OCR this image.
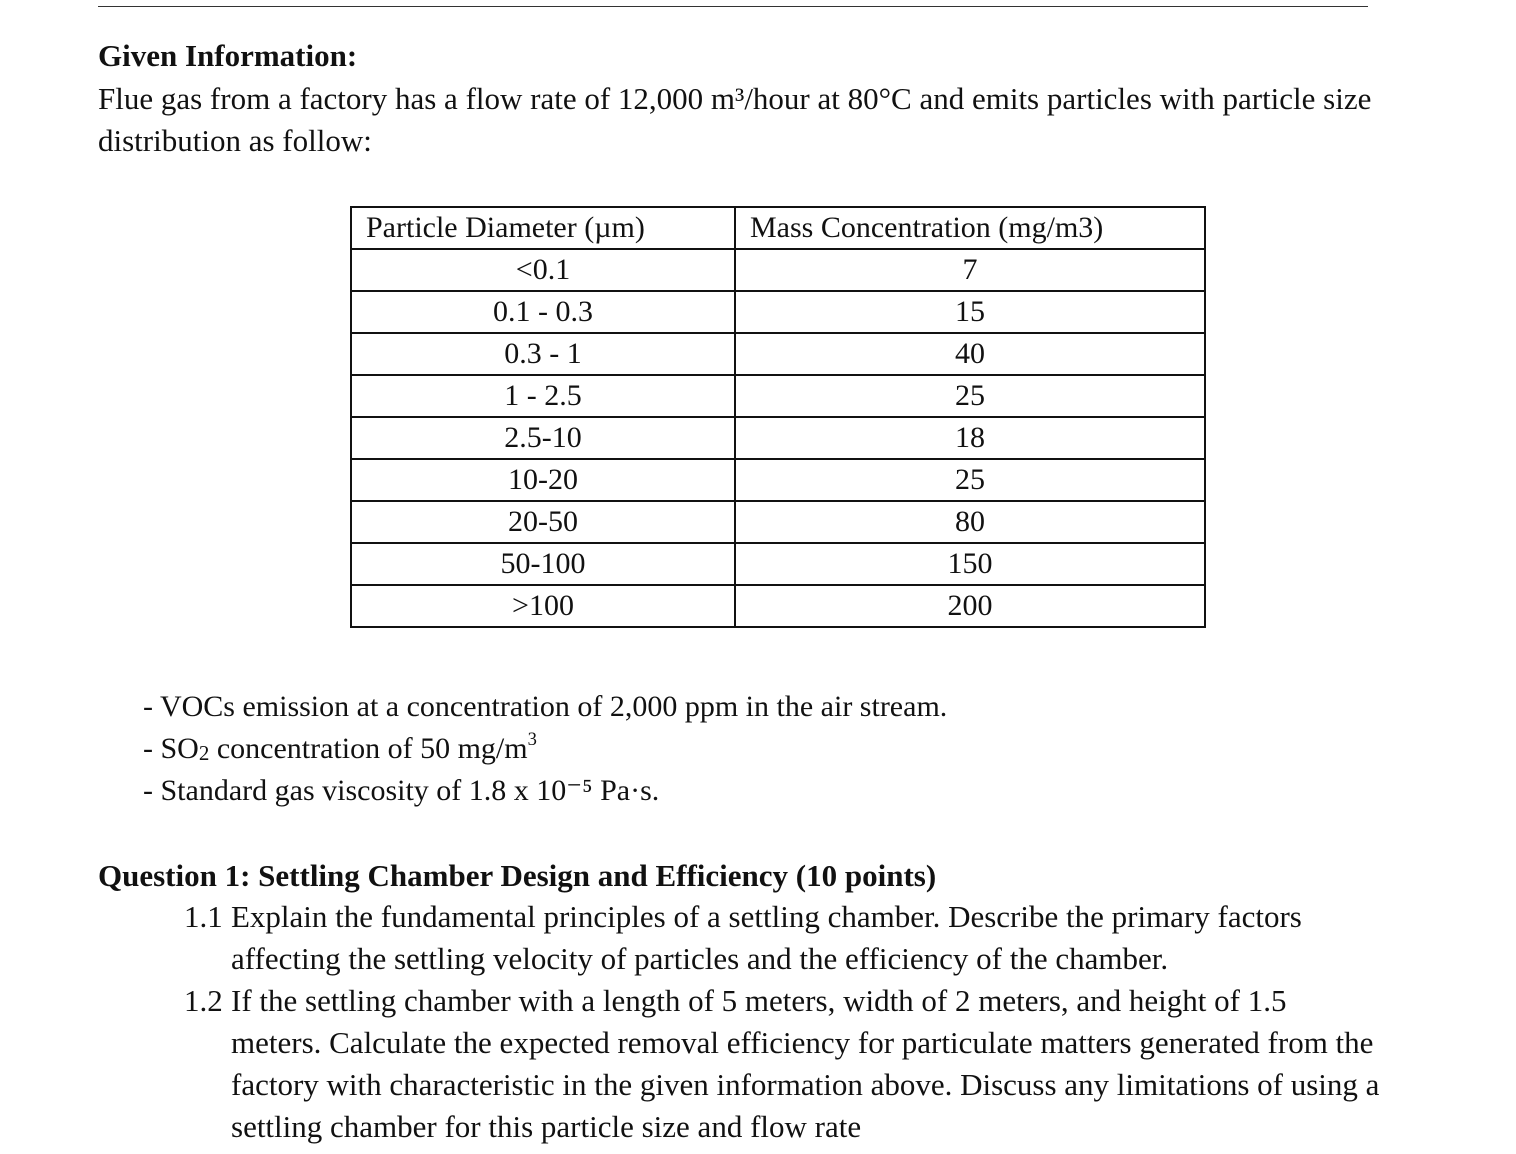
Given Information:
Flue gas from a factory has a flow rate of 12,000 m³/hour at 80°C and emits particles with particle size distribution as follow:
Particle Diameter (µm)	Mass Concentration (mg/m3)
<0.1	7
0.1 - 0.3	15
0.3 - 1	40
1 - 2.5	25
2.5-10	18
10-20	25
20-50	80
50-100	150
>100	200
- VOCs emission at a concentration of 2,000 ppm in the air stream.
- $SO_2$ concentration of 50 $mg/m^3$
- Standard gas viscosity of 1.8 x 10⁻⁵ Pa·s.
Question 1: Settling Chamber Design and Efficiency (10 points)
1.1 Explain the fundamental principles of a settling chamber. Describe the primary factors affecting the settling velocity of particles and the efficiency of the chamber.
1.2 If the settling chamber with a length of 5 meters, width of 2 meters, and height of 1.5 meters. Calculate the expected removal efficiency for particulate matters generated from the factory with characteristic in the given information above. Discuss any limitations of using a settling chamber for this particle size and flow rate
